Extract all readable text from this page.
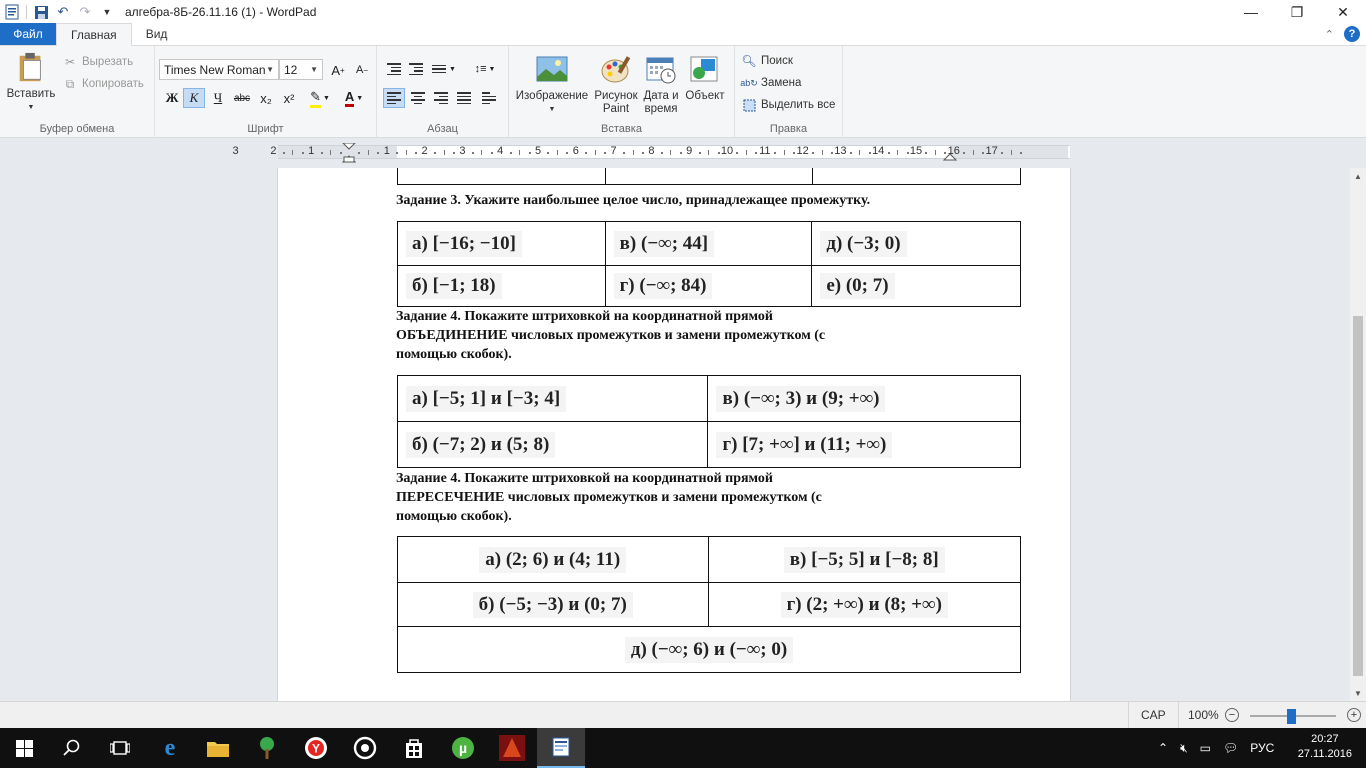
↶ ↷	▼ алгебра-8Б-26.11.16 (1) - WordPad	—	❐	✕
Файл	Главная	Вид	⌃	?
Вставить
▼
✂ Вырезать
⧉ Копировать
Буфер обмена
Times New Roman ▼ 12 ▼ A + A −
Ж К Ч abc x₂ x² ✎ ▼ A ▼
Шрифт
▼ ↕≡ ▼
Абзац
Изображение
▼
Рисунок Paint
Дата и время
Объект
Вставка
🔍︎ Поиск
ab↻ Замена
Выделить все
Правка
3	2	1	1	2	3	4	5	6	7	8	9	10 11 12 13 14 15 16 17
Задание 3. Укажите наибольшее целое число, принадлежащее промежутку.
а) [−16; −10]	в) (−∞; 44]	д) (−3; 0)
б) [−1; 18)	г) (−∞; 84)	е) (0; 7)
Задание 4. Покажите штриховкой на координатной прямой
ОБЪЕДИНЕНИЕ числовых промежутков и замени промежутком (с
помощью скобок).
а) [−5; 1] и [−3; 4]	в) (−∞; 3) и (9; +∞)
б) (−7; 2) и (5; 8)	г) [7; +∞] и (11; +∞)
Задание 4. Покажите штриховкой на координатной прямой
ПЕРЕСЕЧЕНИЕ числовых промежутков и замени промежутком (с
помощью скобок).
а) (2; 6) и (4; 11)	в) [−5; 5] и [−8; 8]
б) (−5; −3) и (0; 7)	г) (2; +∞) и (8; +∞)
д) (−∞; 6) и (−∞; 0)	
▲
▼
CAP	100% −	+
e	Y	µ	⌃ 🔇︎ ▭ 💬︎ РУС
20:27
27.11.2016
